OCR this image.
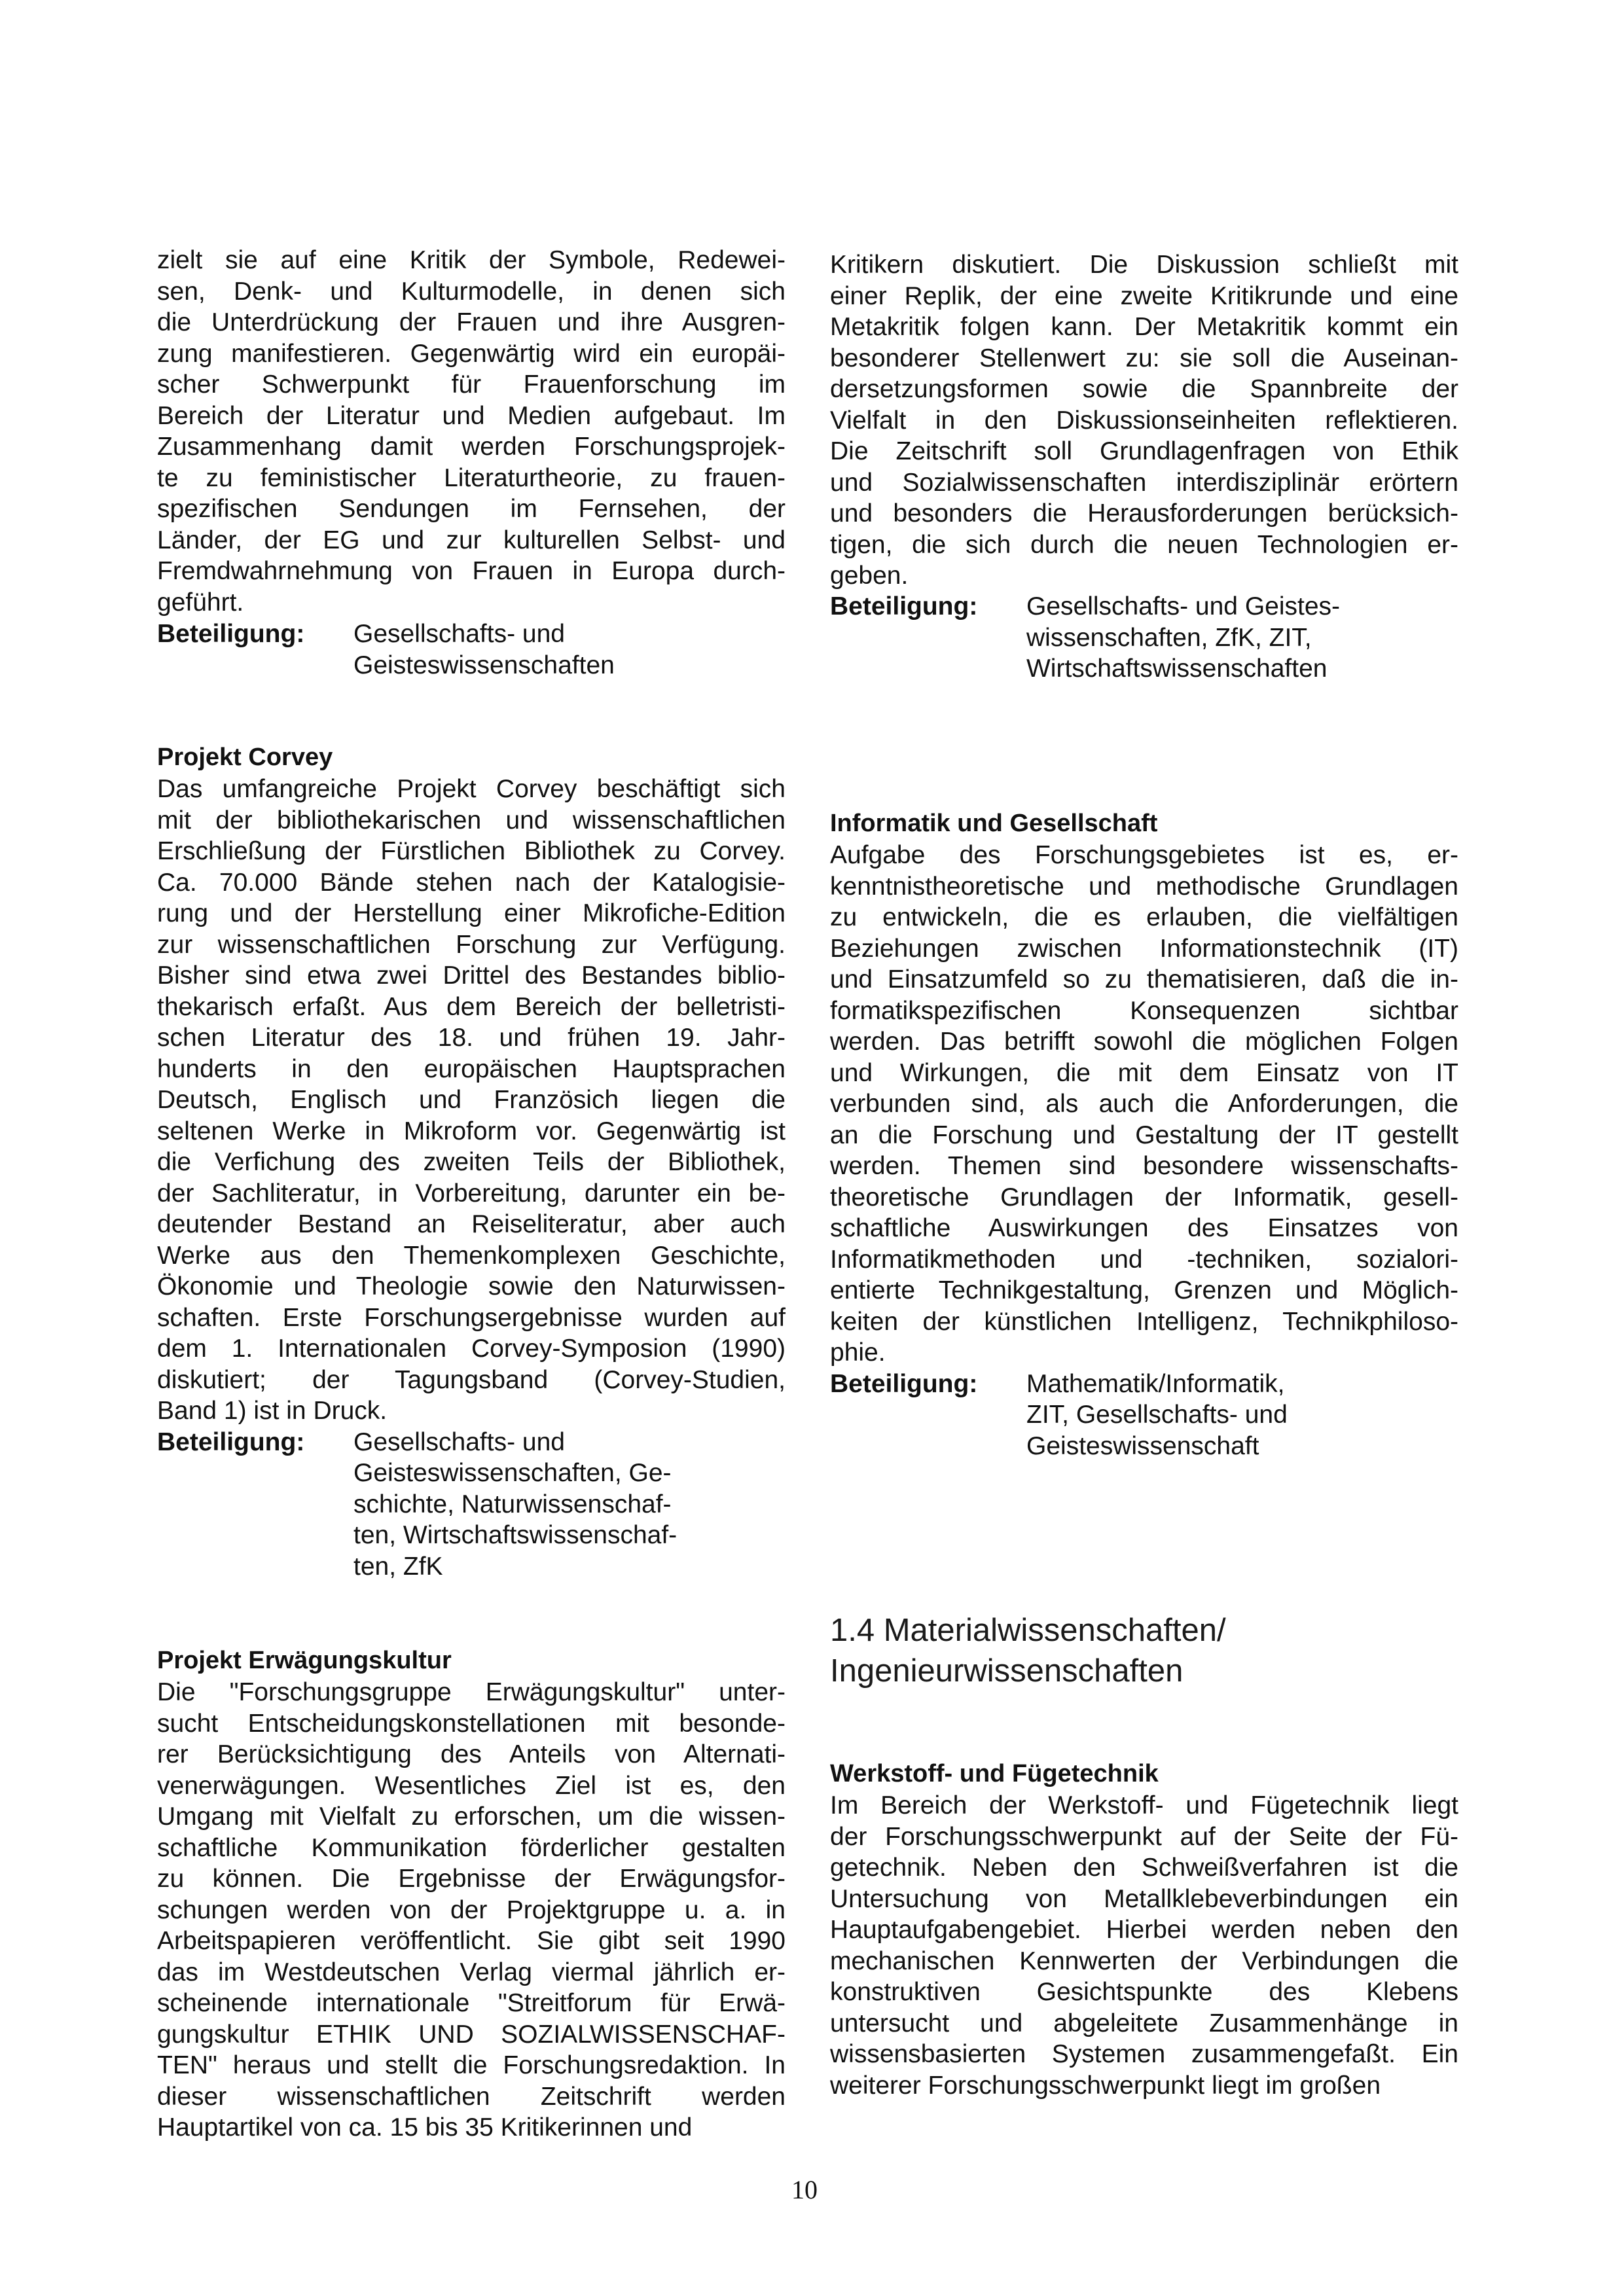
zielt sie auf eine Kritik der Symbole, Redewei-
sen, Denk- und Kulturmodelle, in denen sich
die Unterdrückung der Frauen und ihre Ausgren-
zung manifestieren. Gegenwärtig wird ein europäi-
scher Schwerpunkt für Frauenforschung im
Bereich der Literatur und Medien aufgebaut. Im
Zusammenhang damit werden Forschungsprojek-
te zu feministischer Literaturtheorie, zu frauen-
spezifischen Sendungen im Fernsehen, der
Länder, der EG und zur kulturellen Selbst- und
Fremdwahrnehmung von Frauen in Europa durch-
geführt.
Beteiligung: Gesellschafts- und
Geisteswissenschaften
Projekt Corvey
Das umfangreiche Projekt Corvey beschäftigt sich
mit der bibliothekarischen und wissenschaftlichen
Erschließung der Fürstlichen Bibliothek zu Corvey.
Ca. 70.000 Bände stehen nach der Katalogisie-
rung und der Herstellung einer Mikrofiche-Edition
zur wissenschaftlichen Forschung zur Verfügung.
Bisher sind etwa zwei Drittel des Bestandes biblio-
thekarisch erfaßt. Aus dem Bereich der belletristi-
schen Literatur des 18. und frühen 19. Jahr-
hunderts in den europäischen Hauptsprachen
Deutsch, Englisch und Französich liegen die
seltenen Werke in Mikroform vor. Gegenwärtig ist
die Verfichung des zweiten Teils der Bibliothek,
der Sachliteratur, in Vorbereitung, darunter ein be-
deutender Bestand an Reiseliteratur, aber auch
Werke aus den Themenkomplexen Geschichte,
Ökonomie und Theologie sowie den Naturwissen-
schaften. Erste Forschungsergebnisse wurden auf
dem 1. Internationalen Corvey-Symposion (1990)
diskutiert; der Tagungsband (Corvey-Studien,
Band 1) ist in Druck.
Beteiligung: Gesellschafts- und
Geisteswissenschaften, Ge-
schichte, Naturwissenschaf-
ten, Wirtschaftswissenschaf-
ten, ZfK
Projekt Erwägungskultur
Die "Forschungsgruppe Erwägungskultur" unter-
sucht Entscheidungskonstellationen mit besonde-
rer Berücksichtigung des Anteils von Alternati-
venerwägungen. Wesentliches Ziel ist es, den
Umgang mit Vielfalt zu erforschen, um die wissen-
schaftliche Kommunikation förderlicher gestalten
zu können. Die Ergebnisse der Erwägungsfor-
schungen werden von der Projektgruppe u. a. in
Arbeitspapieren veröffentlicht. Sie gibt seit 1990
das im Westdeutschen Verlag viermal jährlich er-
scheinende internationale "Streitforum für Erwä-
gungskultur ETHIK UND SOZIALWISSENSCHAF-
TEN" heraus und stellt die Forschungsredaktion. In
dieser wissenschaftlichen Zeitschrift werden
Hauptartikel von ca. 15 bis 35 Kritikerinnen und
Kritikern diskutiert. Die Diskussion schließt mit
einer Replik, der eine zweite Kritikrunde und eine
Metakritik folgen kann. Der Metakritik kommt ein
besonderer Stellenwert zu: sie soll die Auseinan-
dersetzungsformen sowie die Spannbreite der
Vielfalt in den Diskussionseinheiten reflektieren.
Die Zeitschrift soll Grundlagenfragen von Ethik
und Sozialwissenschaften interdisziplinär erörtern
und besonders die Herausforderungen berücksich-
tigen, die sich durch die neuen Technologien er-
geben.
Beteiligung: Gesellschafts- und Geistes-
wissenschaften, ZfK, ZIT,
Wirtschaftswissenschaften
Informatik und Gesellschaft
Aufgabe des Forschungsgebietes ist es, er-
kenntnistheoretische und methodische Grundlagen
zu entwickeln, die es erlauben, die vielfältigen
Beziehungen zwischen Informationstechnik (IT)
und Einsatzumfeld so zu thematisieren, daß die in-
formatikspezifischen Konsequenzen sichtbar
werden. Das betrifft sowohl die möglichen Folgen
und Wirkungen, die mit dem Einsatz von IT
verbunden sind, als auch die Anforderungen, die
an die Forschung und Gestaltung der IT gestellt
werden. Themen sind besondere wissenschafts-
theoretische Grundlagen der Informatik, gesell-
schaftliche Auswirkungen des Einsatzes von
Informatikmethoden und -techniken, sozialori-
entierte Technikgestaltung, Grenzen und Möglich-
keiten der künstlichen Intelligenz, Technikphiloso-
phie.
Beteiligung: Mathematik/Informatik,
ZIT, Gesellschafts- und
Geisteswissenschaft
1.4 Materialwissenschaften/
Ingenieurwissenschaften
Werkstoff- und Fügetechnik
Im Bereich der Werkstoff- und Fügetechnik liegt
der Forschungsschwerpunkt auf der Seite der Fü-
getechnik. Neben den Schweißverfahren ist die
Untersuchung von Metallklebeverbindungen ein
Hauptaufgabengebiet. Hierbei werden neben den
mechanischen Kennwerten der Verbindungen die
konstruktiven Gesichtspunkte des Klebens
untersucht und abgeleitete Zusammenhänge in
wissensbasierten Systemen zusammengefaßt. Ein
weiterer Forschungsschwerpunkt liegt im großen
10
